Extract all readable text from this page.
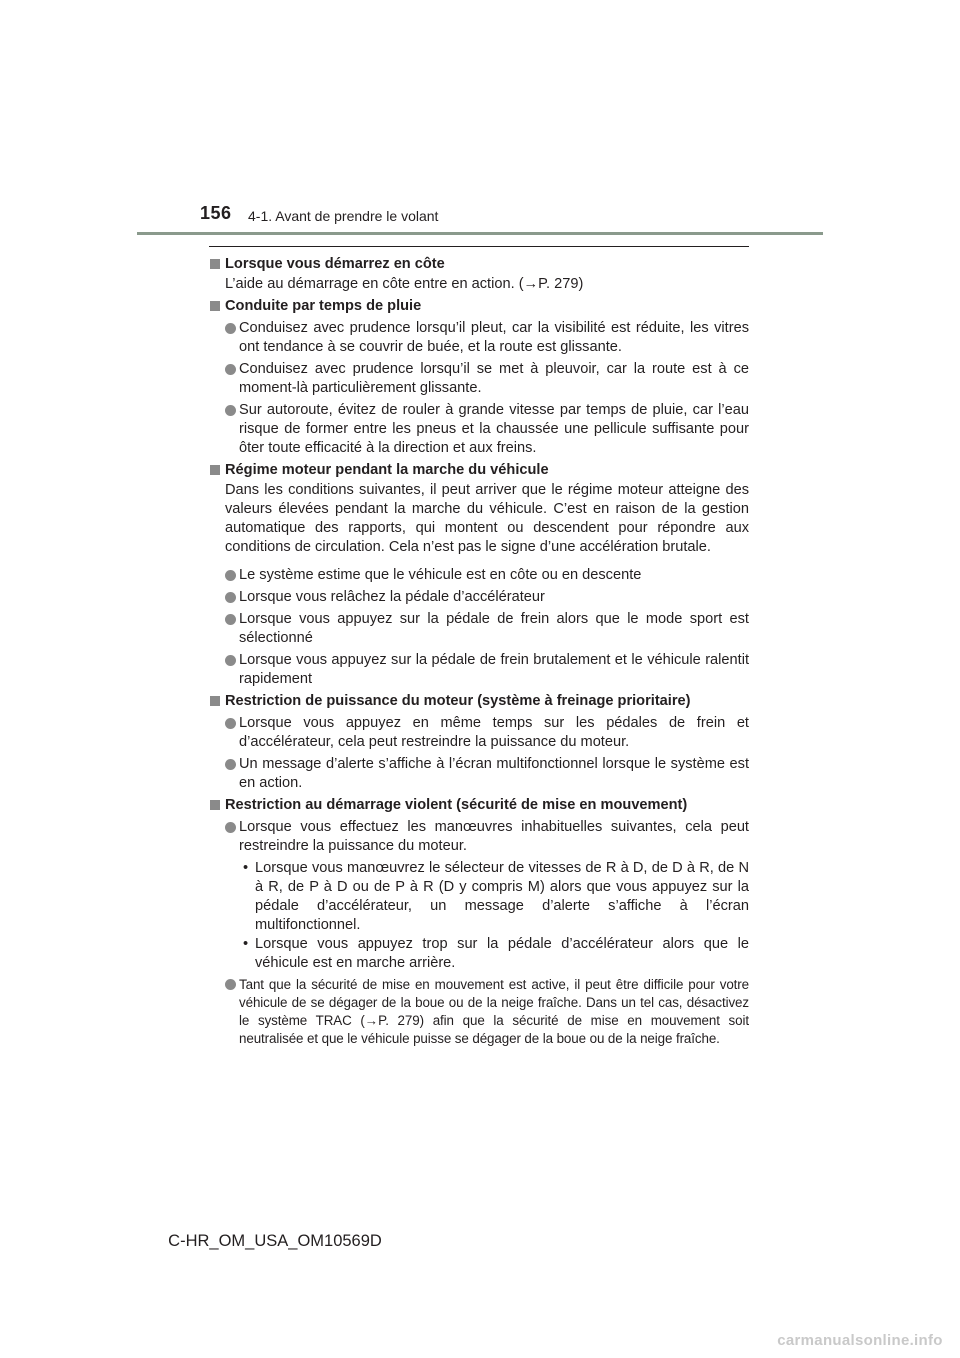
156 4-1. Avant de prendre le volant
Lorsque vous démarrez en côte
L’aide au démarrage en côte entre en action. (→P. 279)
Conduite par temps de pluie
Conduisez avec prudence lorsqu’il pleut, car la visibilité est réduite, les vitres ont tendance à se couvrir de buée, et la route est glissante.
Conduisez avec prudence lorsqu’il se met à pleuvoir, car la route est à ce moment-là particulièrement glissante.
Sur autoroute, évitez de rouler à grande vitesse par temps de pluie, car l’eau risque de former entre les pneus et la chaussée une pellicule suffisante pour ôter toute efficacité à la direction et aux freins.
Régime moteur pendant la marche du véhicule
Dans les conditions suivantes, il peut arriver que le régime moteur atteigne des valeurs élevées pendant la marche du véhicule. C’est en raison de la gestion automatique des rapports, qui montent ou descendent pour répondre aux conditions de circulation. Cela n’est pas le signe d’une accélération brutale.
Le système estime que le véhicule est en côte ou en descente
Lorsque vous relâchez la pédale d’accélérateur
Lorsque vous appuyez sur la pédale de frein alors que le mode sport est sélectionné
Lorsque vous appuyez sur la pédale de frein brutalement et le véhicule ralentit rapidement
Restriction de puissance du moteur (système à freinage prioritaire)
Lorsque vous appuyez en même temps sur les pédales de frein et d’accélérateur, cela peut restreindre la puissance du moteur.
Un message d’alerte s’affiche à l’écran multifonctionnel lorsque le système est en action.
Restriction au démarrage violent (sécurité de mise en mouvement)
Lorsque vous effectuez les manœuvres inhabituelles suivantes, cela peut restreindre la puissance du moteur.
• Lorsque vous manœuvrez le sélecteur de vitesses de R à D, de D à R, de N à R, de P à D ou de P à R (D y compris M) alors que vous appuyez sur la pédale d’accélérateur, un message d’alerte s’affiche à l’écran multifonctionnel.
• Lorsque vous appuyez trop sur la pédale d’accélérateur alors que le véhicule est en marche arrière.
Tant que la sécurité de mise en mouvement est active, il peut être difficile pour votre véhicule de se dégager de la boue ou de la neige fraîche. Dans un tel cas, désactivez le système TRAC (→P. 279) afin que la sécurité de mise en mouvement soit neutralisée et que le véhicule puisse se dégager de la boue ou de la neige fraîche.
C-HR_OM_USA_OM10569D
carmanualsonline.info
